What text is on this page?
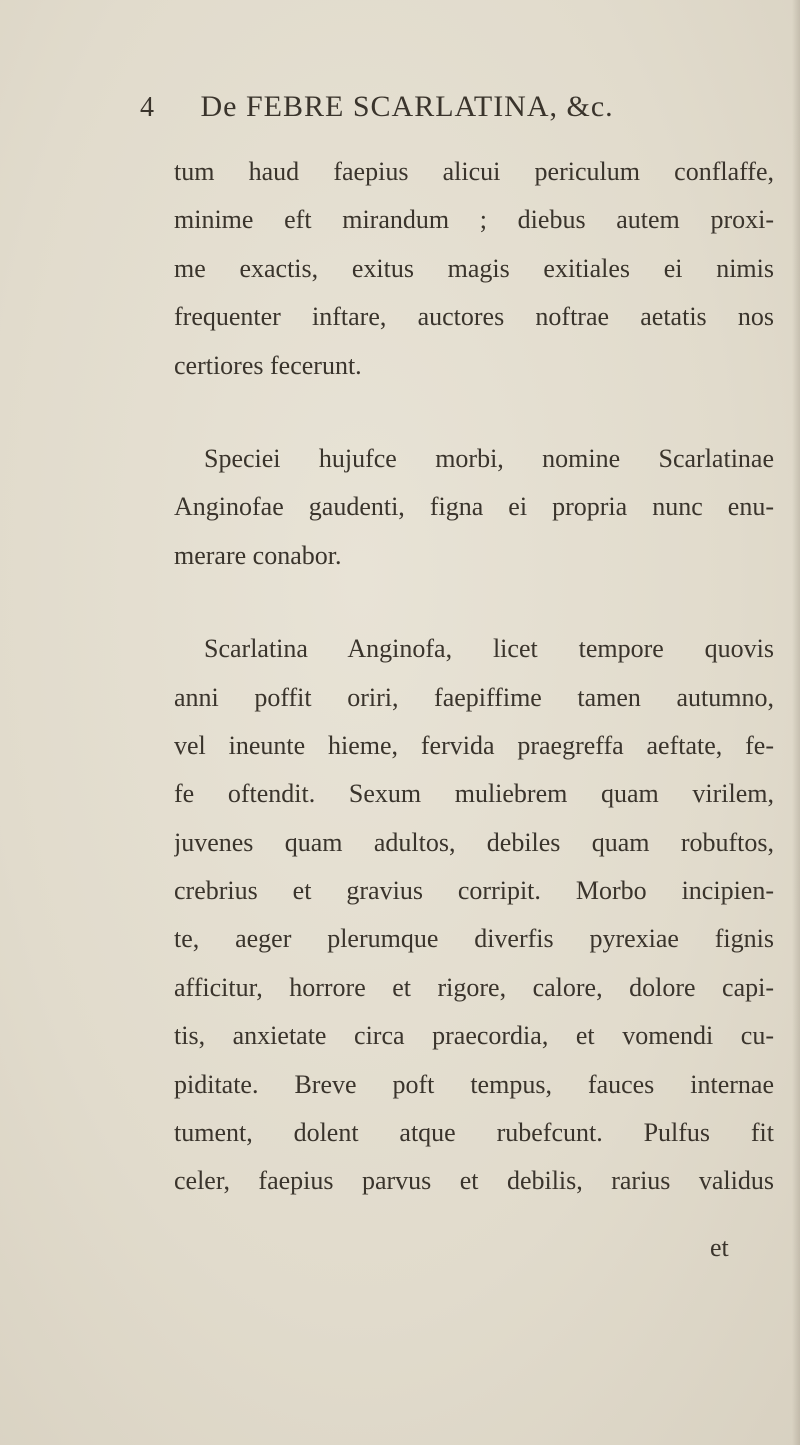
4 De FEBRE SCARLATINA, &c.
tum haud faepius alicui periculum conflaffe,
minime eft mirandum ; diebus autem proxi-
me exactis, exitus magis exitiales ei nimis
frequenter inftare, auctores noftrae aetatis nos
certiores fecerunt.
Speciei hujufce morbi, nomine Scarlatinae
Anginofae gaudenti, figna ei propria nunc enu-
merare conabor.
Scarlatina Anginofa, licet tempore quovis
anni poffit oriri, faepiffime tamen autumno,
vel ineunte hieme, fervida praegreffa aeftate, fe-
fe oftendit. Sexum muliebrem quam virilem,
juvenes quam adultos, debiles quam robuftos,
crebrius et gravius corripit. Morbo incipien-
te, aeger plerumque diverfis pyrexiae fignis
afficitur, horrore et rigore, calore, dolore capi-
tis, anxietate circa praecordia, et vomendi cu-
piditate. Breve poft tempus, fauces internae
tument, dolent atque rubefcunt. Pulfus fit
celer, faepius parvus et debilis, rarius validus
et
